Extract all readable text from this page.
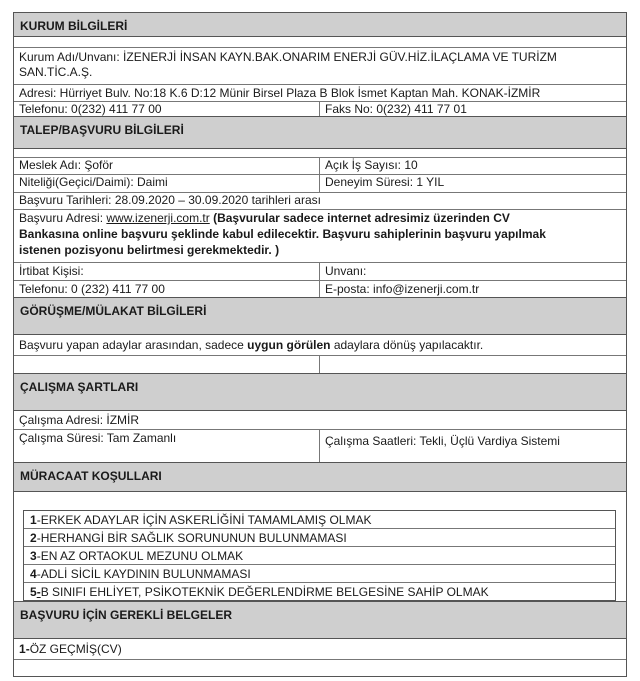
KURUM BİLGİLERİ
Kurum Adı/Unvanı: İZENERJİ İNSAN KAYN.BAK.ONARIM ENERJİ GÜV.HİZ.İLAÇLAMA VE TURİZM
SAN.TİC.A.Ş.
Adresi: Hürriyet Bulv. No:18 K.6 D:12 Münir Birsel Plaza B Blok İsmet Kaptan Mah. KONAK-İZMİR
Telefonu: 0(232) 411 77 00	Faks No: 0(232) 411 77 01
TALEP/BAŞVURU BİLGİLERİ
Meslek Adı: Şoför	Açık İş Sayısı: 10
Niteliği(Geçici/Daimi): Daimi	Deneyim Süresi: 1 YIL
Başvuru Tarihleri: 28.09.2020 – 30.09.2020 tarihleri arası
Başvuru Adresi: www.izenerji.com.tr (Başvurular sadece internet adresimiz üzerinden CV
Bankasına online başvuru şeklinde kabul edilecektir. Başvuru sahiplerinin başvuru yapılmak
istenen pozisyonu belirtmesi gerekmektedir. )
İrtibat Kişisi:	Unvanı:
Telefonu: 0 (232) 411 77 00	E-posta: info@izenerji.com.tr
GÖRÜŞME/MÜLAKAT BİLGİLERİ
Başvuru yapan adaylar arasından, sadece uygun görülen adaylara dönüş yapılacaktır.
ÇALIŞMA ŞARTLARI
Çalışma Adresi: İZMİR
Çalışma Süresi: Tam Zamanlı	Çalışma Saatleri: Tekli, Üçlü Vardiya Sistemi
MÜRACAAT KOŞULLARI
1-ERKEK ADAYLAR İÇİN ASKERLİĞİNİ TAMAMLAMIŞ OLMAK
2-HERHANGİ BİR SAĞLIK SORUNUNUN BULUNMAMASI
3-EN AZ ORTAOKUL MEZUNU OLMAK
4-ADLİ SİCİL KAYDININ BULUNMAMASI
5-B SINIFI EHLİYET, PSİKOTEKNİK DEĞERLENDİRME BELGESİNE SAHİP OLMAK
BAŞVURU İÇİN GEREKLİ BELGELER
1-ÖZ GEÇMİŞ(CV)
